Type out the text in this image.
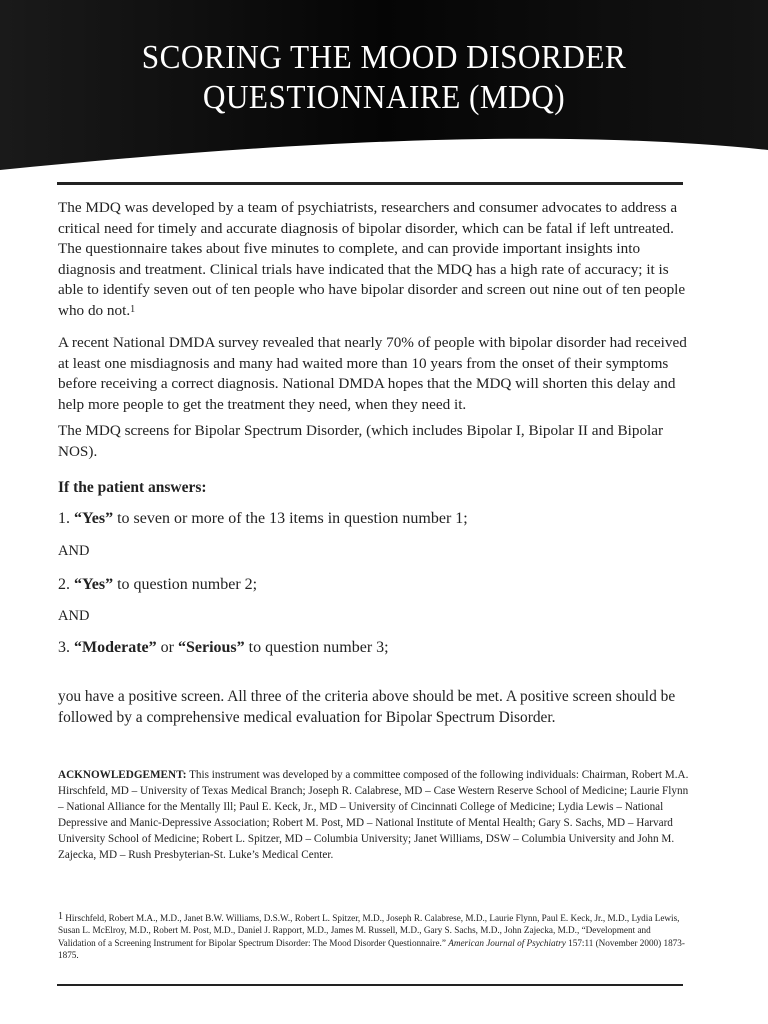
SCORING THE MOOD DISORDER
QUESTIONNAIRE (MDQ)
The MDQ was developed by a team of psychiatrists, researchers and consumer advocates to address a critical need for timely and accurate diagnosis of bipolar disorder, which can be fatal if left untreated. The questionnaire takes about five minutes to complete, and can provide important insights into diagnosis and treatment. Clinical trials have indicated that the MDQ has a high rate of accuracy; it is able to identify seven out of ten people who have bipolar disorder and screen out nine out of ten people who do not.$^1$
A recent National DMDA survey revealed that nearly 70% of people with bipolar disorder had received at least one misdiagnosis and many had waited more than 10 years from the onset of their symptoms before receiving a correct diagnosis. National DMDA hopes that the MDQ will shorten this delay and help more people to get the treatment they need, when they need it.
The MDQ screens for Bipolar Spectrum Disorder, (which includes Bipolar I, Bipolar II and Bipolar NOS).
If the patient answers:
1. “Yes” to seven or more of the 13 items in question number 1;
AND
2. “Yes” to question number 2;
AND
3. “Moderate” or “Serious” to question number 3;
you have a positive screen. All three of the criteria above should be met. A positive screen should be followed by a comprehensive medical evaluation for Bipolar Spectrum Disorder.
ACKNOWLEDGEMENT: This instrument was developed by a committee composed of the following individuals: Chairman, Robert M.A. Hirschfeld, MD – University of Texas Medical Branch; Joseph R. Calabrese, MD – Case Western Reserve School of Medicine; Laurie Flynn – National Alliance for the Mentally Ill; Paul E. Keck, Jr., MD – University of Cincinnati College of Medicine; Lydia Lewis – National Depressive and Manic-Depressive Association; Robert M. Post, MD – National Institute of Mental Health; Gary S. Sachs, MD – Harvard University School of Medicine; Robert L. Spitzer, MD – Columbia University; Janet Williams, DSW – Columbia University and John M. Zajecka, MD – Rush Presbyterian-St. Luke’s Medical Center.
1 Hirschfeld, Robert M.A., M.D., Janet B.W. Williams, D.S.W., Robert L. Spitzer, M.D., Joseph R. Calabrese, M.D., Laurie Flynn, Paul E. Keck, Jr., M.D., Lydia Lewis, Susan L. McElroy, M.D., Robert M. Post, M.D., Daniel J. Rapport, M.D., James M. Russell, M.D., Gary S. Sachs, M.D., John Zajecka, M.D., “Development and Validation of a Screening Instrument for Bipolar Spectrum Disorder: The Mood Disorder Questionnaire.” American Journal of Psychiatry 157:11 (November 2000) 1873-1875.
